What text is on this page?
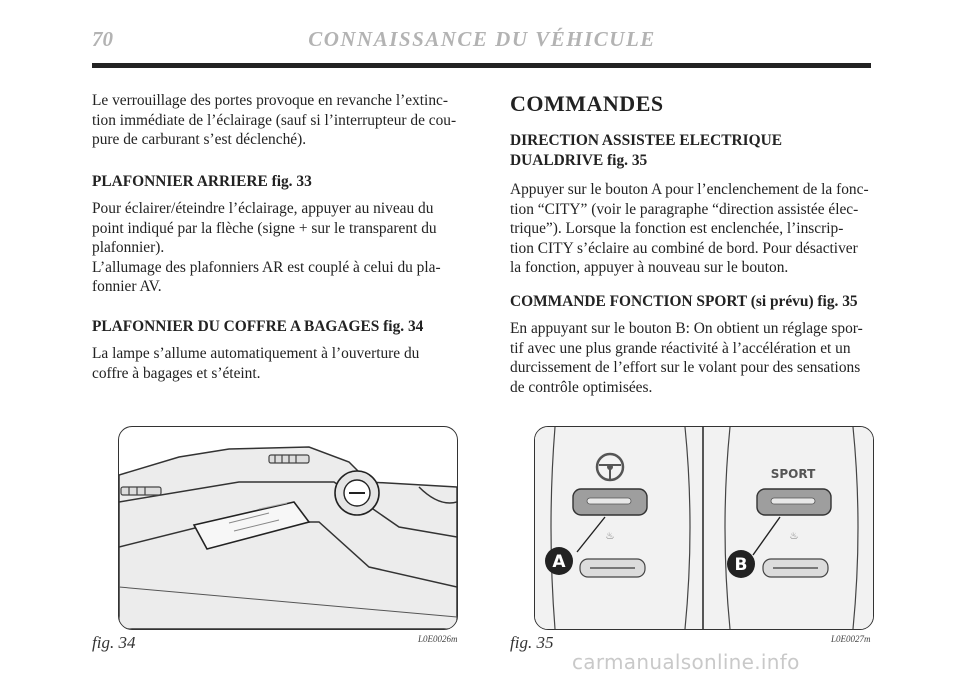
70	CONNAISSANCE DU VÉHICULE

Le verrouillage des portes provoque en revanche l’extinc-
tion immédiate de l’éclairage (sauf si l’interrupteur de cou-
pure de carburant s’est déclenché).

PLAFONNIER ARRIERE fig. 33

Pour éclairer/éteindre l’éclairage, appuyer au niveau du
point indiqué par la flèche (signe + sur le transparent du
plafonnier).
L’allumage des plafonniers AR est couplé à celui du pla-
fonnier AV.

PLAFONNIER DU COFFRE A BAGAGES fig. 34

La lampe s’allume automatiquement à l’ouverture du
coffre à bagages et s’éteint.

COMMANDES
DIRECTION ASSISTEE ELECTRIQUE
DUALDRIVE fig. 35

Appuyer sur le bouton A pour l’enclenchement de la fonc-
tion “CITY” (voir le paragraphe “direction assistée élec-
trique”). Lorsque la fonction est enclenchée, l’inscrip-
tion CITY s’éclaire au combiné de bord. Pour désactiver
la fonction, appuyer à nouveau sur le bouton.

COMMANDE FONCTION SPORT (si prévu) fig. 35

En appuyant sur le bouton B: On obtient un réglage spor-
tif avec une plus grande réactivité à l’accélération et un
durcissement de l’effort sur le volant pour des sensations
de contrôle optimisées.

♨
A
SPORT
♨
B
fig. 34	L0E0026m	fig. 35	L0E0027m
carmanualsonline.info
